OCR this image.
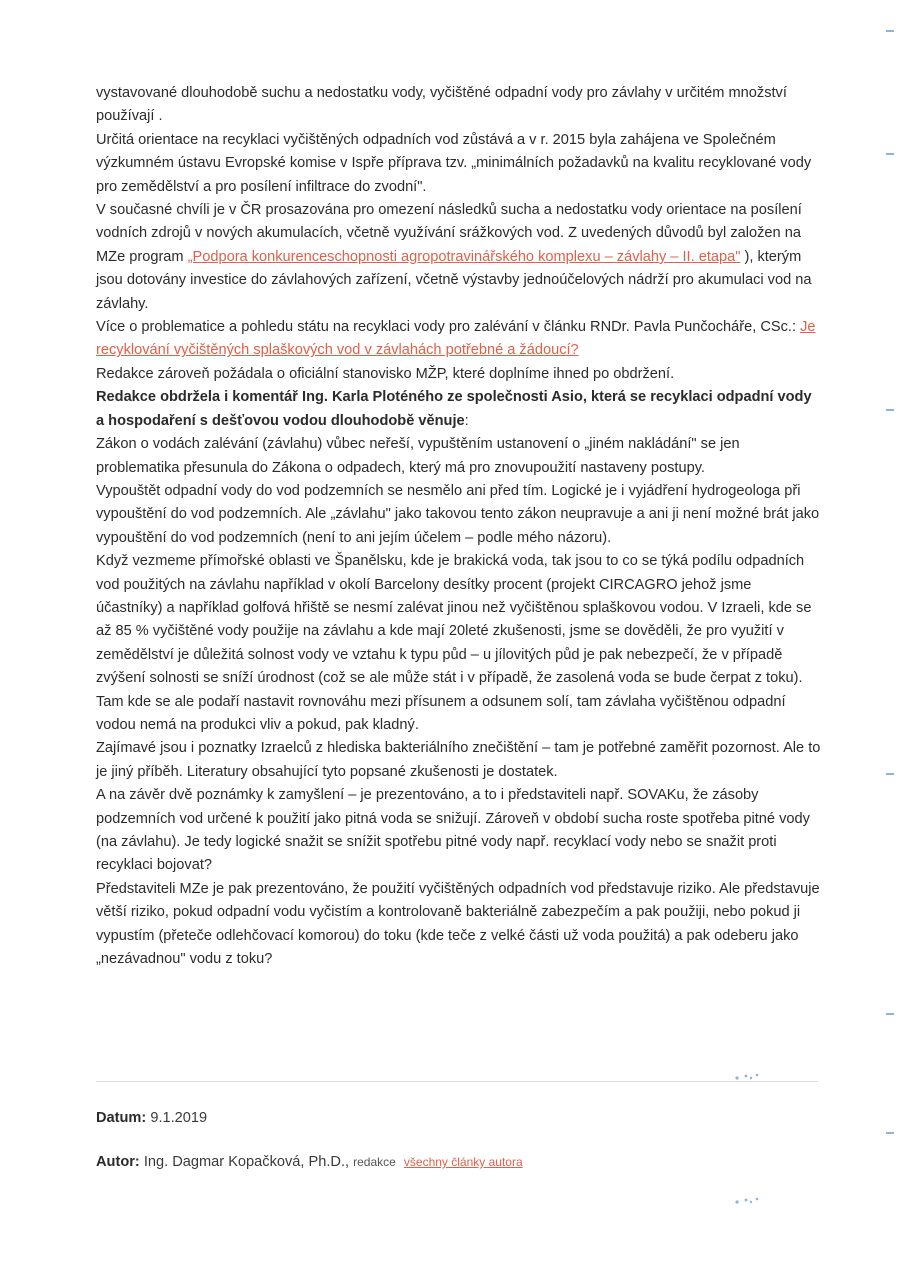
vystavované dlouhodobě suchu a nedostatku vody, vyčištěné odpadní vody pro závlahy v určitém množství používají .

Určitá orientace na recyklaci vyčištěných odpadních vod zůstává a v r. 2015 byla zahájena ve Společném výzkumném ústavu Evropské komise v Ispře příprava tzv. „minimálních požadavků na kvalitu recyklované vody pro zemědělství a pro posílení infiltrace do zvodní".

V současné chvíli je v ČR prosazována pro omezení následků sucha a nedostatku vody orientace na posílení vodních zdrojů v nových akumulacích, včetně využívání srážkových vod. Z uvedených důvodů byl založen na MZe program „Podpora konkurenceschopnosti agropotravinářského komplexu – závlahy – II. etapa" ), kterým jsou dotovány investice do závlahových zařízení, včetně výstavby jednoúčelových nádrží pro akumulaci vod na závlahy.

Více o problematice a pohledu státu na recyklaci vody pro zalévání v článku RNDr. Pavla Punčocháře, CSc.: Je recyklování vyčištěných splaškových vod v závlahách potřebné a žádoucí?

Redakce zároveň požádala o oficiální stanovisko MŽP, které doplníme ihned po obdržení.

Redakce obdržela i komentář Ing. Karla Ploténého ze společnosti Asio, která se recyklaci odpadní vody a hospodaření s dešťovou vodou dlouhodobě věnuje:

Zákon o vodách zalévání (závlahu) vůbec neřeší, vypuštěním ustanovení o „jiném nakládání" se jen problematika přesunula do Zákona o odpadech, který má pro znovupoužití nastaveny postupy.

Vypouštět odpadní vody do vod podzemních se nesmělo ani před tím. Logické je i vyjádření hydrogeologa při vypouštění do vod podzemních. Ale „závlahu" jako takovou tento zákon neupravuje a ani ji není možné brát jako vypouštění do vod podzemních (není to ani jejím účelem – podle mého názoru).

Když vezmeme přímořské oblasti ve Španělsku, kde je brakická voda, tak jsou to co se týká podílu odpadních vod použitých na závlahu například v okolí Barcelony desítky procent (projekt CIRCAGRO jehož jsme účastníky) a například golfová hřiště se nesmí zalévat jinou než vyčištěnou splaškovou vodou. V Izraeli, kde se až 85 % vyčištěné vody použije na závlahu a kde mají 20leté zkušenosti, jsme se dověděli, že pro využití v zemědělství je důležitá solnost vody ve vztahu k typu půd – u jílovitých půd je pak nebezpečí, že v případě zvýšení solnosti se sníží úrodnost (což se ale může stát i v případě, že zasolená voda se bude čerpat z toku). Tam kde se ale podaří nastavit rovnováhu mezi přísunem a odsunem solí, tam závlaha vyčištěnou odpadní vodou nemá na produkci vliv a pokud, pak kladný.

Zajímavé jsou i poznatky Izraelců z hlediska bakteriálního znečištění – tam je potřebné zaměřit pozornost. Ale to je jiný příběh. Literatury obsahující tyto popsané zkušenosti je dostatek.

A na závěr dvě poznámky k zamyšlení – je prezentováno, a to i představiteli např. SOVAKu, že zásoby podzemních vod určené k použití jako pitná voda se snižují. Zároveň v období sucha roste spotřeba pitné vody (na závlahu). Je tedy logické snažit se snížit spotřebu pitné vody např. recyklací vody nebo se snažit proti recyklaci bojovat?

Představiteli MZe je pak prezentováno, že použití vyčištěných odpadních vod představuje riziko. Ale představuje větší riziko, pokud odpadní vodu vyčistím a kontrolovaně bakteriálně zabezpečím a pak použiji, nebo pokud ji vypustím (přeteče odlehčovací komorou) do toku (kde teče z velké části už voda použitá) a pak odeberu jako „nezávadnou" vodu z toku?

Datum: 9.1.2019
Autor: Ing. Dagmar Kopačková, Ph.D., redakce všechny články autora
